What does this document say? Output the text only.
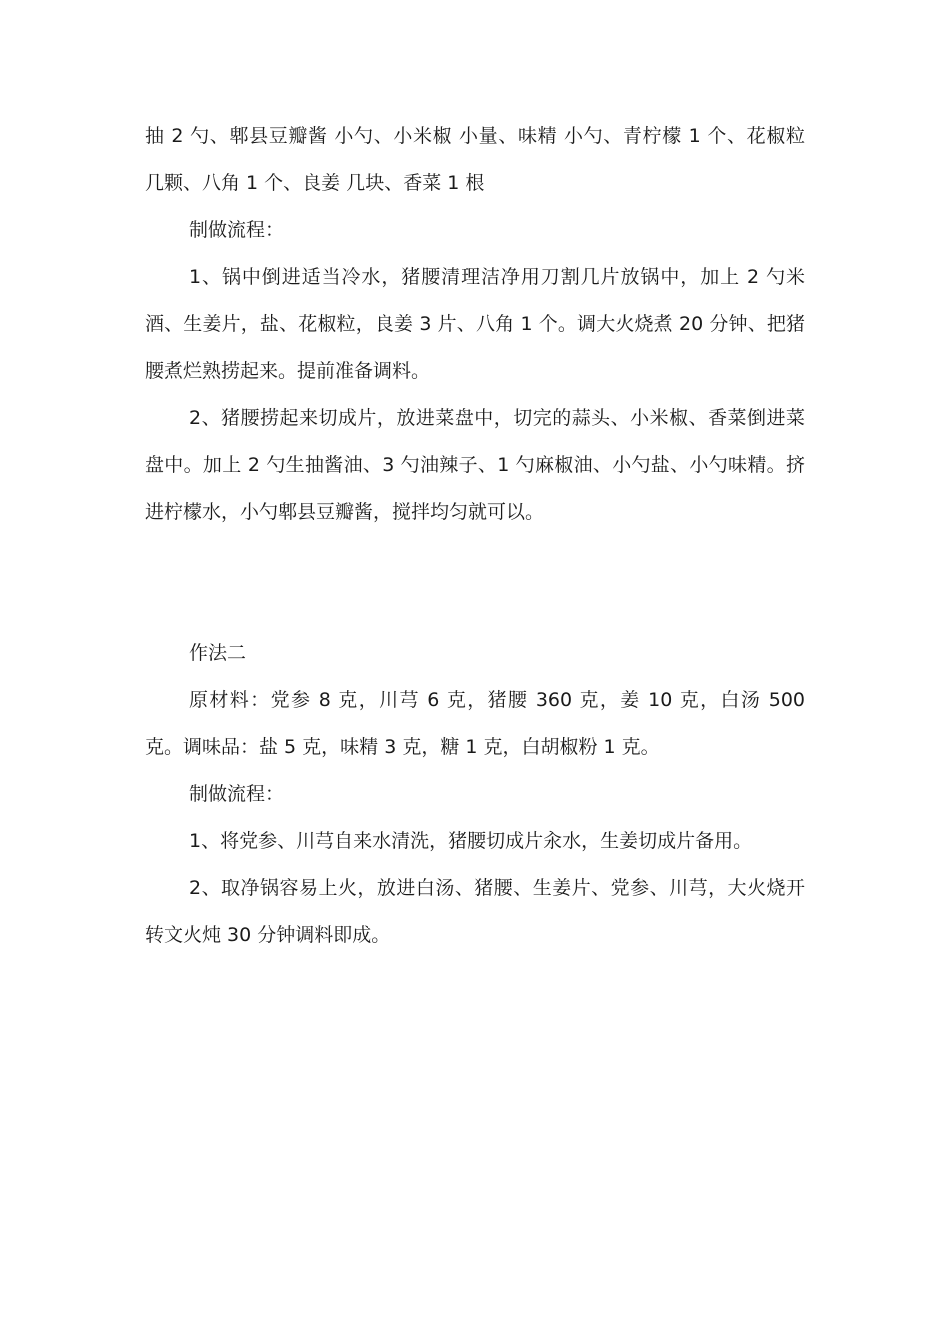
抽 2 勺、郫县豆瓣酱 小勺、小米椒 小量、味精 小勺、青柠檬 1 个、花椒粒 几颗、八角 1 个、良姜 几块、香菜 1 根

制做流程：

1、锅中倒进适当冷水，猪腰清理洁净用刀割几片放锅中，加上 2 勺米酒、生姜片，盐、花椒粒，良姜 3 片、八角 1 个。调大火烧煮 20 分钟、把猪腰煮烂熟捞起来。提前准备调料。

2、猪腰捞起来切成片，放进菜盘中，切完的蒜头、小米椒、香菜倒进菜盘中。加上 2 勺生抽酱油、3 勺油辣子、1 勺麻椒油、小勺盐、小勺味精。挤进柠檬水，小勺郫县豆瓣酱，搅拌均匀就可以。

作法二

原材料：党参 8 克，川芎 6 克，猪腰 360 克，姜 10 克，白汤 500 克。调味品：盐 5 克，味精 3 克，糖 1 克，白胡椒粉 1 克。

制做流程：

1、将党参、川芎自来水清洗，猪腰切成片汆水，生姜切成片备用。

2、取净锅容易上火，放进白汤、猪腰、生姜片、党参、川芎，大火烧开转文火炖 30 分钟调料即成。
